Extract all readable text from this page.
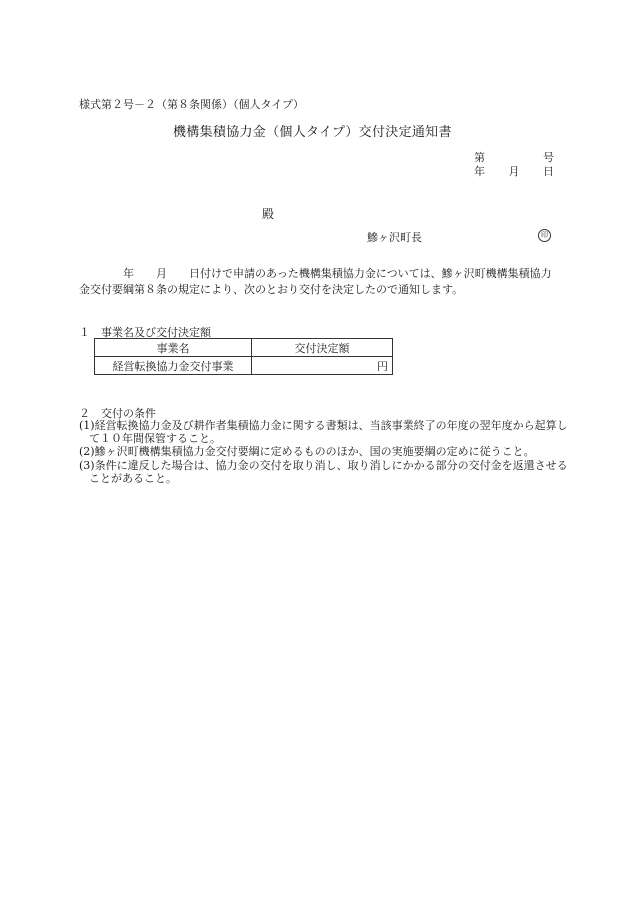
様式第２号－２（第８条関係）（個人タイプ）
機構集積協力金（個人タイプ）交付決定通知書
第	号
年 月 日
殿
鰺ヶ沢町長	印
年 月 日付けで申請のあった機構集積協力金については、鰺ヶ沢町機構集積協力金交付要綱第８条の規定により、次のとおり交付を決定したので通知します。
１　事業名及び交付決定額
事業名	交付決定額
経営転換協力金交付事業	円
２　交付の条件
(1)経営転換協力金及び耕作者集積協力金に関する書類は、当該事業終了の年度の翌年度から起算して１０年間保管すること。
(2)鰺ヶ沢町機構集積協力金交付要綱に定めるもののほか、国の実施要綱の定めに従うこと。
(3)条件に違反した場合は、協力金の交付を取り消し、取り消しにかかる部分の交付金を返還させることがあること。
